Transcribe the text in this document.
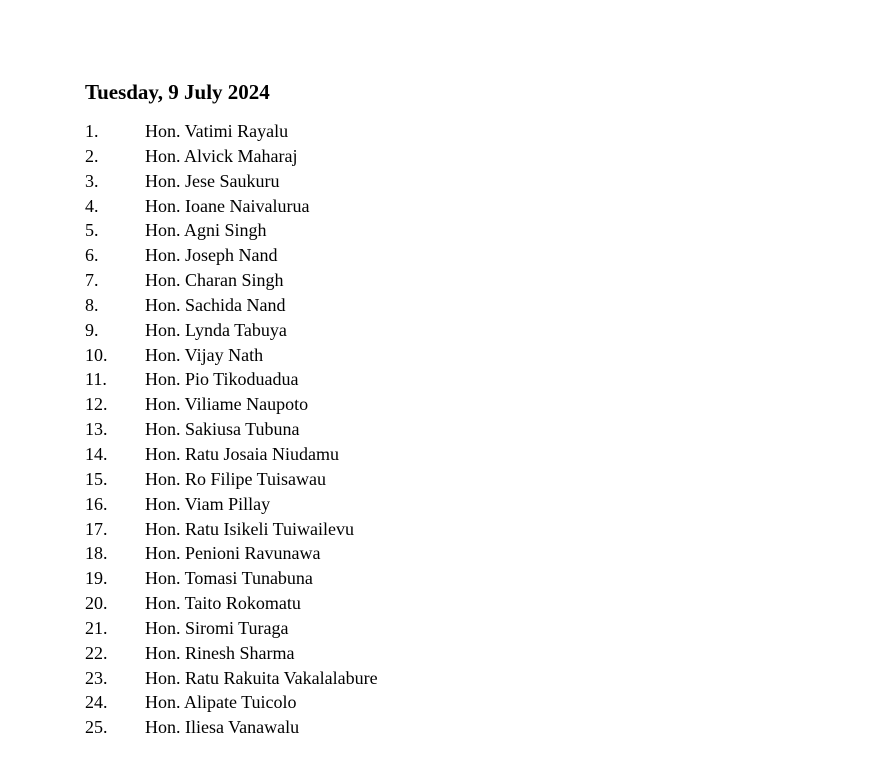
Tuesday, 9 July 2024
1.	Hon. Vatimi Rayalu
2.	Hon. Alvick Maharaj
3.	Hon. Jese Saukuru
4.	Hon. Ioane Naivalurua
5.	Hon. Agni Singh
6.	Hon. Joseph Nand
7.	Hon. Charan Singh
8.	Hon. Sachida Nand
9.	Hon. Lynda Tabuya
10.	Hon. Vijay Nath
11.	Hon. Pio Tikoduadua
12.	Hon. Viliame Naupoto
13.	Hon. Sakiusa Tubuna
14.	Hon. Ratu Josaia Niudamu
15.	Hon. Ro Filipe Tuisawau
16.	Hon. Viam Pillay
17.	Hon. Ratu Isikeli Tuiwailevu
18.	Hon. Penioni Ravunawa
19.	Hon. Tomasi Tunabuna
20.	Hon. Taito Rokomatu
21.	Hon. Siromi Turaga
22.	Hon. Rinesh Sharma
23.	Hon. Ratu Rakuita Vakalalabure
24.	Hon. Alipate Tuicolo
25.	Hon. Iliesa Vanawalu
